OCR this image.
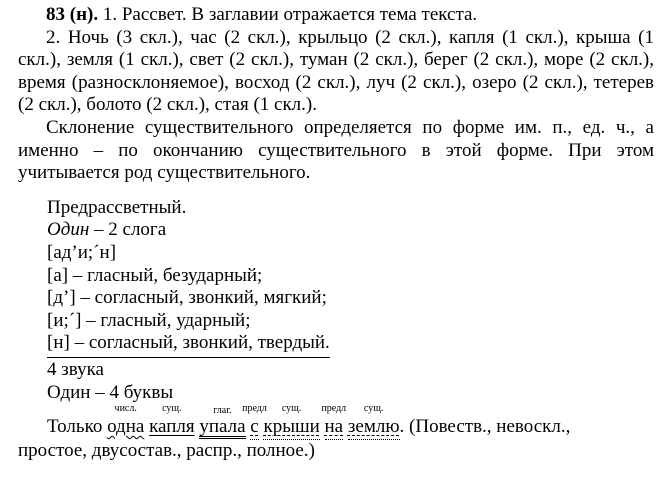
83 (н). 1. Рассвет. В заглавии отражается тема текста.

2. Ночь (3 скл.), час (2 скл.), крыльцо (2 скл.), капля (1 скл.), крыша (1 скл.), земля (1 скл.), свет (2 скл.), туман (2 скл.), берег (2 скл.), море (2 скл.), время (разносклоняемое), восход (2 скл.), луч (2 скл.), озеро (2 скл.), тетерев (2 скл.), болото (2 скл.), стая (1 скл.).

Склонение существительного определяется по форме им. п., ед. ч., а именно – по окончанию существительного в этой форме. При этом учитывается род существительного.

Предрассветный.
Один – 2 слога
[ад’и;´н]
[а] – гласный, безударный;
[д’] – согласный, звонкий, мягкий;
[и;´] – гласный, ударный;
[н] – согласный, звонкий, твердый.
4 звука
Один – 4 буквы
Только
числ.
одна
сущ.
капля
глаг.
упала
предл
с
сущ.
крыши
предл
на
сущ.
землю. (Повеств., невоскл.,
простое, двусостав., распр., полное.)
